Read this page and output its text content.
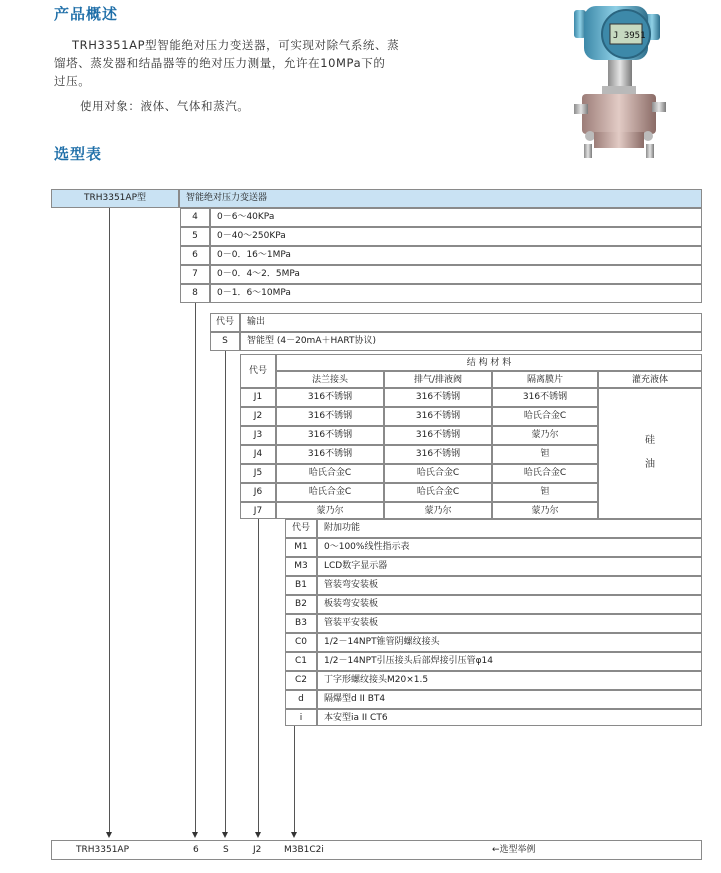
产品概述
TRH3351AP型智能绝对压力变送器，可实现对除气系统、蒸
馏塔、蒸发器和结晶器等的绝对压力测量，允许在10MPa下的
过压。
使用对象：液体、气体和蒸汽。
J 3951
选型表
TRH3351AP型	智能绝对压力变送器
4	0－6～40KPa
5	0－40～250KPa
6	0－0．16～1MPa
7	0－0．4～2．5MPa
8	0－1．6～10MPa
代号	输出
S	智能型 (4－20mA＋HART协议)
代号
结 构 材 料
法兰接头	排气/排液阀	隔离膜片	灌充液体
J1	316不锈钢	316不锈钢	316不锈钢
J2	316不锈钢	316不锈钢	哈氏合金C
J3	316不锈钢	316不锈钢	蒙乃尔
J4	316不锈钢	316不锈钢	钽
J5	哈氏合金C	哈氏合金C	哈氏合金C
J6	哈氏合金C	哈氏合金C	钽
J7	蒙乃尔	蒙乃尔	蒙乃尔
硅
油
代号	附加功能
M1	0～100%线性指示表
M3	LCD数字显示器
B1	管装弯安装板
B2	板装弯安装板
B3	管装平安装板
C0	1/2－14NPT锥管阴螺纹接头
C1	1/2－14NPT引压接头后部焊接引压管φ14
C2	丁字形螺纹接头M20×1.5
d	隔爆型d II BT4
i	本安型ia II CT6
TRH3351AP	6	S	J2	M3B1C2i	←选型举例
